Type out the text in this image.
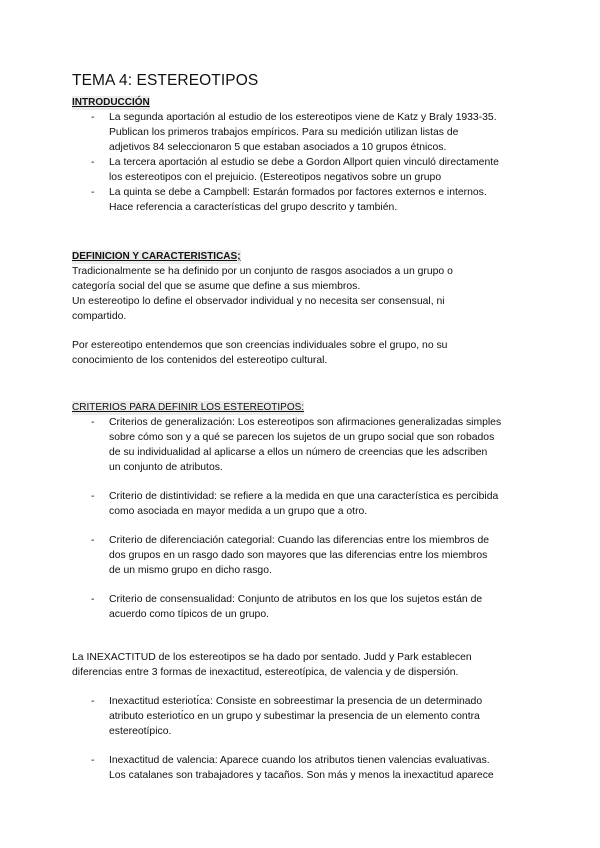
TEMA 4: ESTEREOTIPOS
INTRODUCCIÓN
- La segunda aportación al estudio de los estereotipos viene de Katz y Braly 1933-35.
Publican los primeros trabajos empíricos. Para su medición utilizan listas de
adjetivos 84 seleccionaron 5 que estaban asociados a 10 grupos étnicos.
- La tercera aportación al estudio se debe a Gordon Allport quien vinculó directamente
los estereotipos con el prejuicio. (Estereotipos negativos sobre un grupo
- La quinta se debe a Campbell: Estarán formados por factores externos e internos.
Hace referencia a características del grupo descrito y también.
DEFINICION Y CARACTERISTICAS;

Tradicionalmente se ha definido por un conjunto de rasgos asociados a un grupo o
categoría social del que se asume que define a sus miembros.
Un estereotipo lo define el observador individual y no necesita ser consensual, ni
compartido.

Por estereotipo entendemos que son creencias individuales sobre el grupo, no su
conocimiento de los contenidos del estereotipo cultural.

CRITERIOS PARA DEFINIR LOS ESTEREOTIPOS:
- Criterios de generalización: Los estereotipos son afirmaciones generalizadas simples
sobre cómo son y a qué se parecen los sujetos de un grupo social que son robados
de su individualidad al aplicarse a ellos un número de creencias que les adscriben
un conjunto de atributos.
- Criterio de distintividad: se refiere a la medida en que una característica es percibida
como asociada en mayor medida a un grupo que a otro.
- Criterio de diferenciación categorial: Cuando las diferencias entre los miembros de
dos grupos en un rasgo dado son mayores que las diferencias entre los miembros
de un mismo grupo en dicho rasgo.
- Criterio de consensualidad: Conjunto de atributos en los que los sujetos están de
acuerdo como típicos de un grupo.

La INEXACTITUD de los estereotipos se ha dado por sentado. Judd y Park establecen
diferencias entre 3 formas de inexactitud, estereotípica, de valencia y de dispersión.

- Inexactitud esteriotı́ca: Consiste en sobreestimar la presencia de un determinado
atributo esteriotı́co en un grupo y subestimar la presencia de un elemento contra
estereotípico.
- Inexactitud de valencia: Aparece cuando los atributos tienen valencias evaluativas.
Los catalanes son trabajadores y tacaños. Son más y menos la inexactitud aparece
